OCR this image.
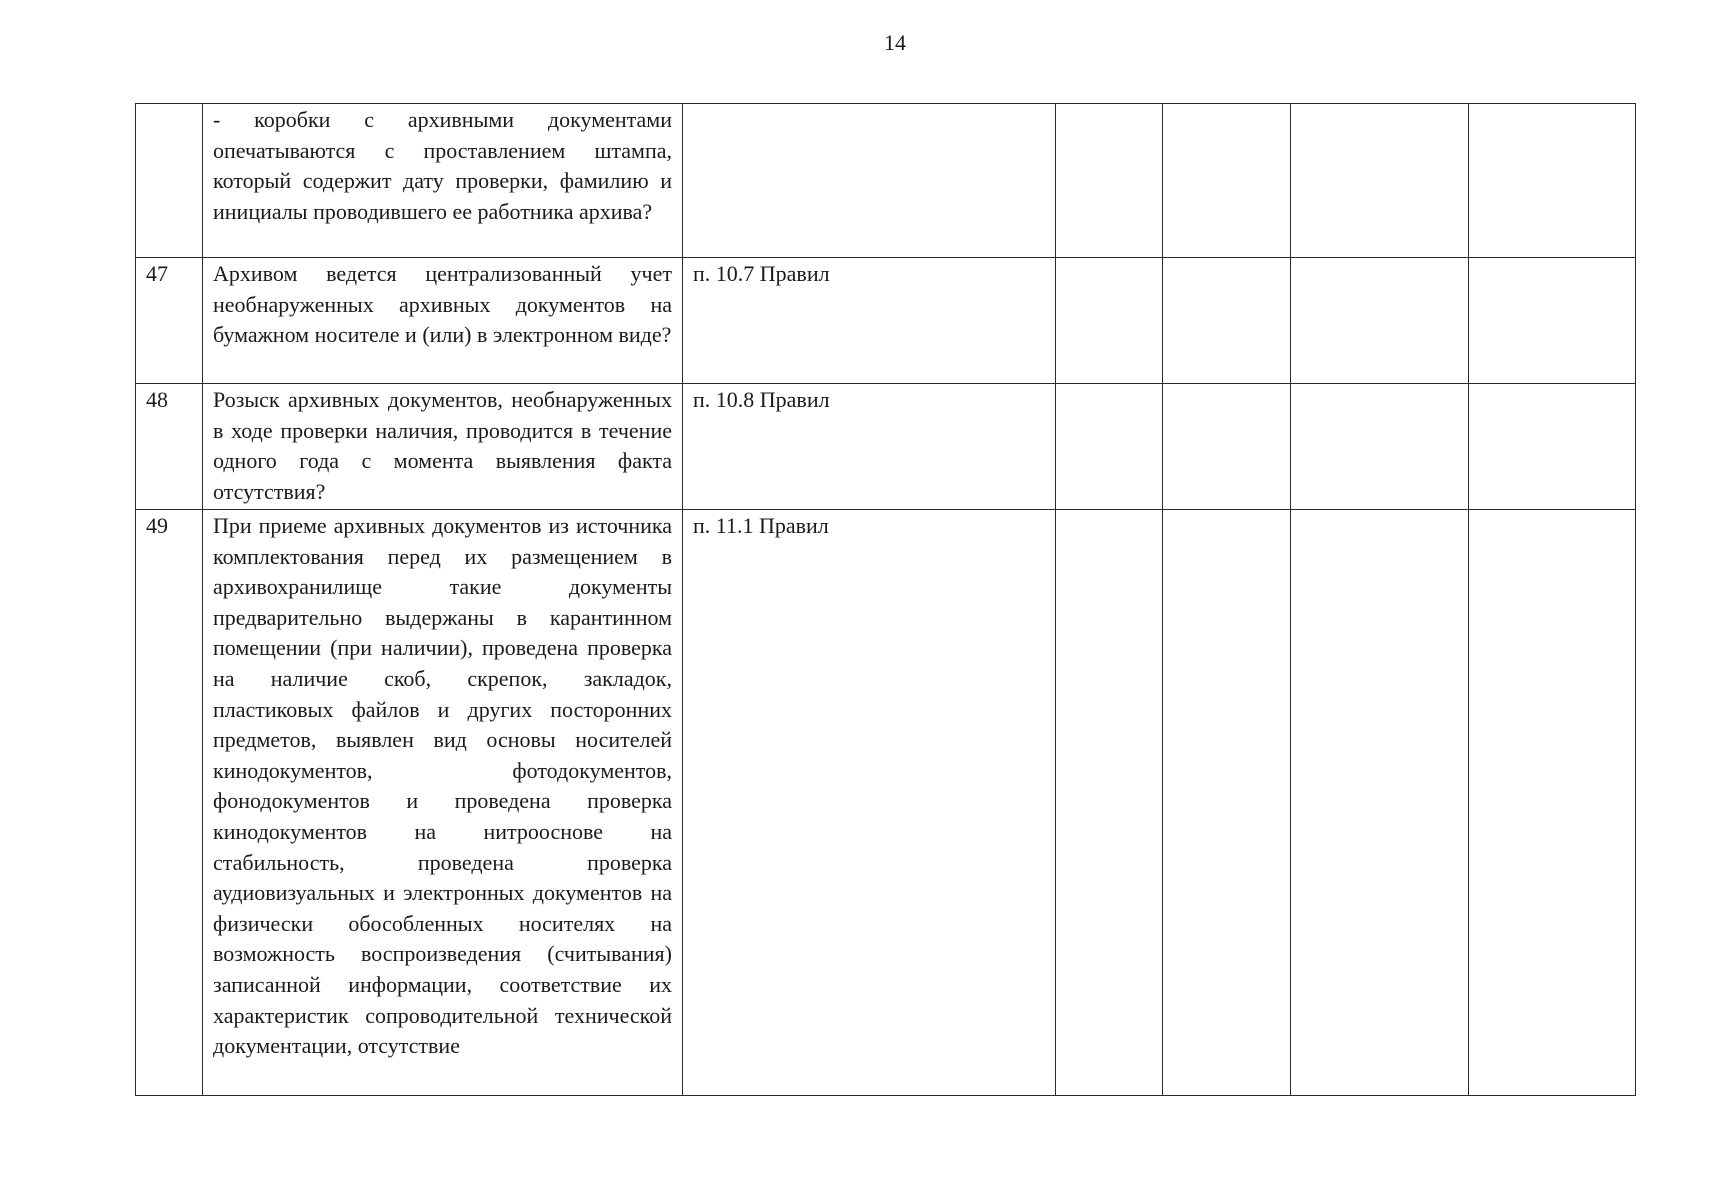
14
	- коробки с архивными документами опечатываются с проставлением штампа, который содержит дату проверки, фамилию и инициалы проводившего ее работника архива?					
47	Архивом ведется централизованный учет необнаруженных архивных документов на бумажном носителе и (или) в электронном виде?	п. 10.7 Правил				
48	Розыск архивных документов, необнаруженных в ходе проверки наличия, проводится в течение одного года с момента выявления факта отсутствия?	п. 10.8 Правил				
49	При приеме архивных документов из источника комплектования перед их размещением в архивохранилище такие документы предварительно выдержаны в карантинном помещении (при наличии), проведена проверка на наличие скоб, скрепок, закладок, пластиковых файлов и других посторонних предметов, выявлен вид основы носителей кинодокументов, фотодокументов, фонодокументов и проведена проверка кинодокументов на нитрооснове на стабильность, проведена проверка аудиовизуальных и электронных документов на физически обособленных носителях на возможность воспроизведения (считывания) записанной информации, соответствие их характеристик сопроводительной технической документации, отсутствие	п. 11.1 Правил				
